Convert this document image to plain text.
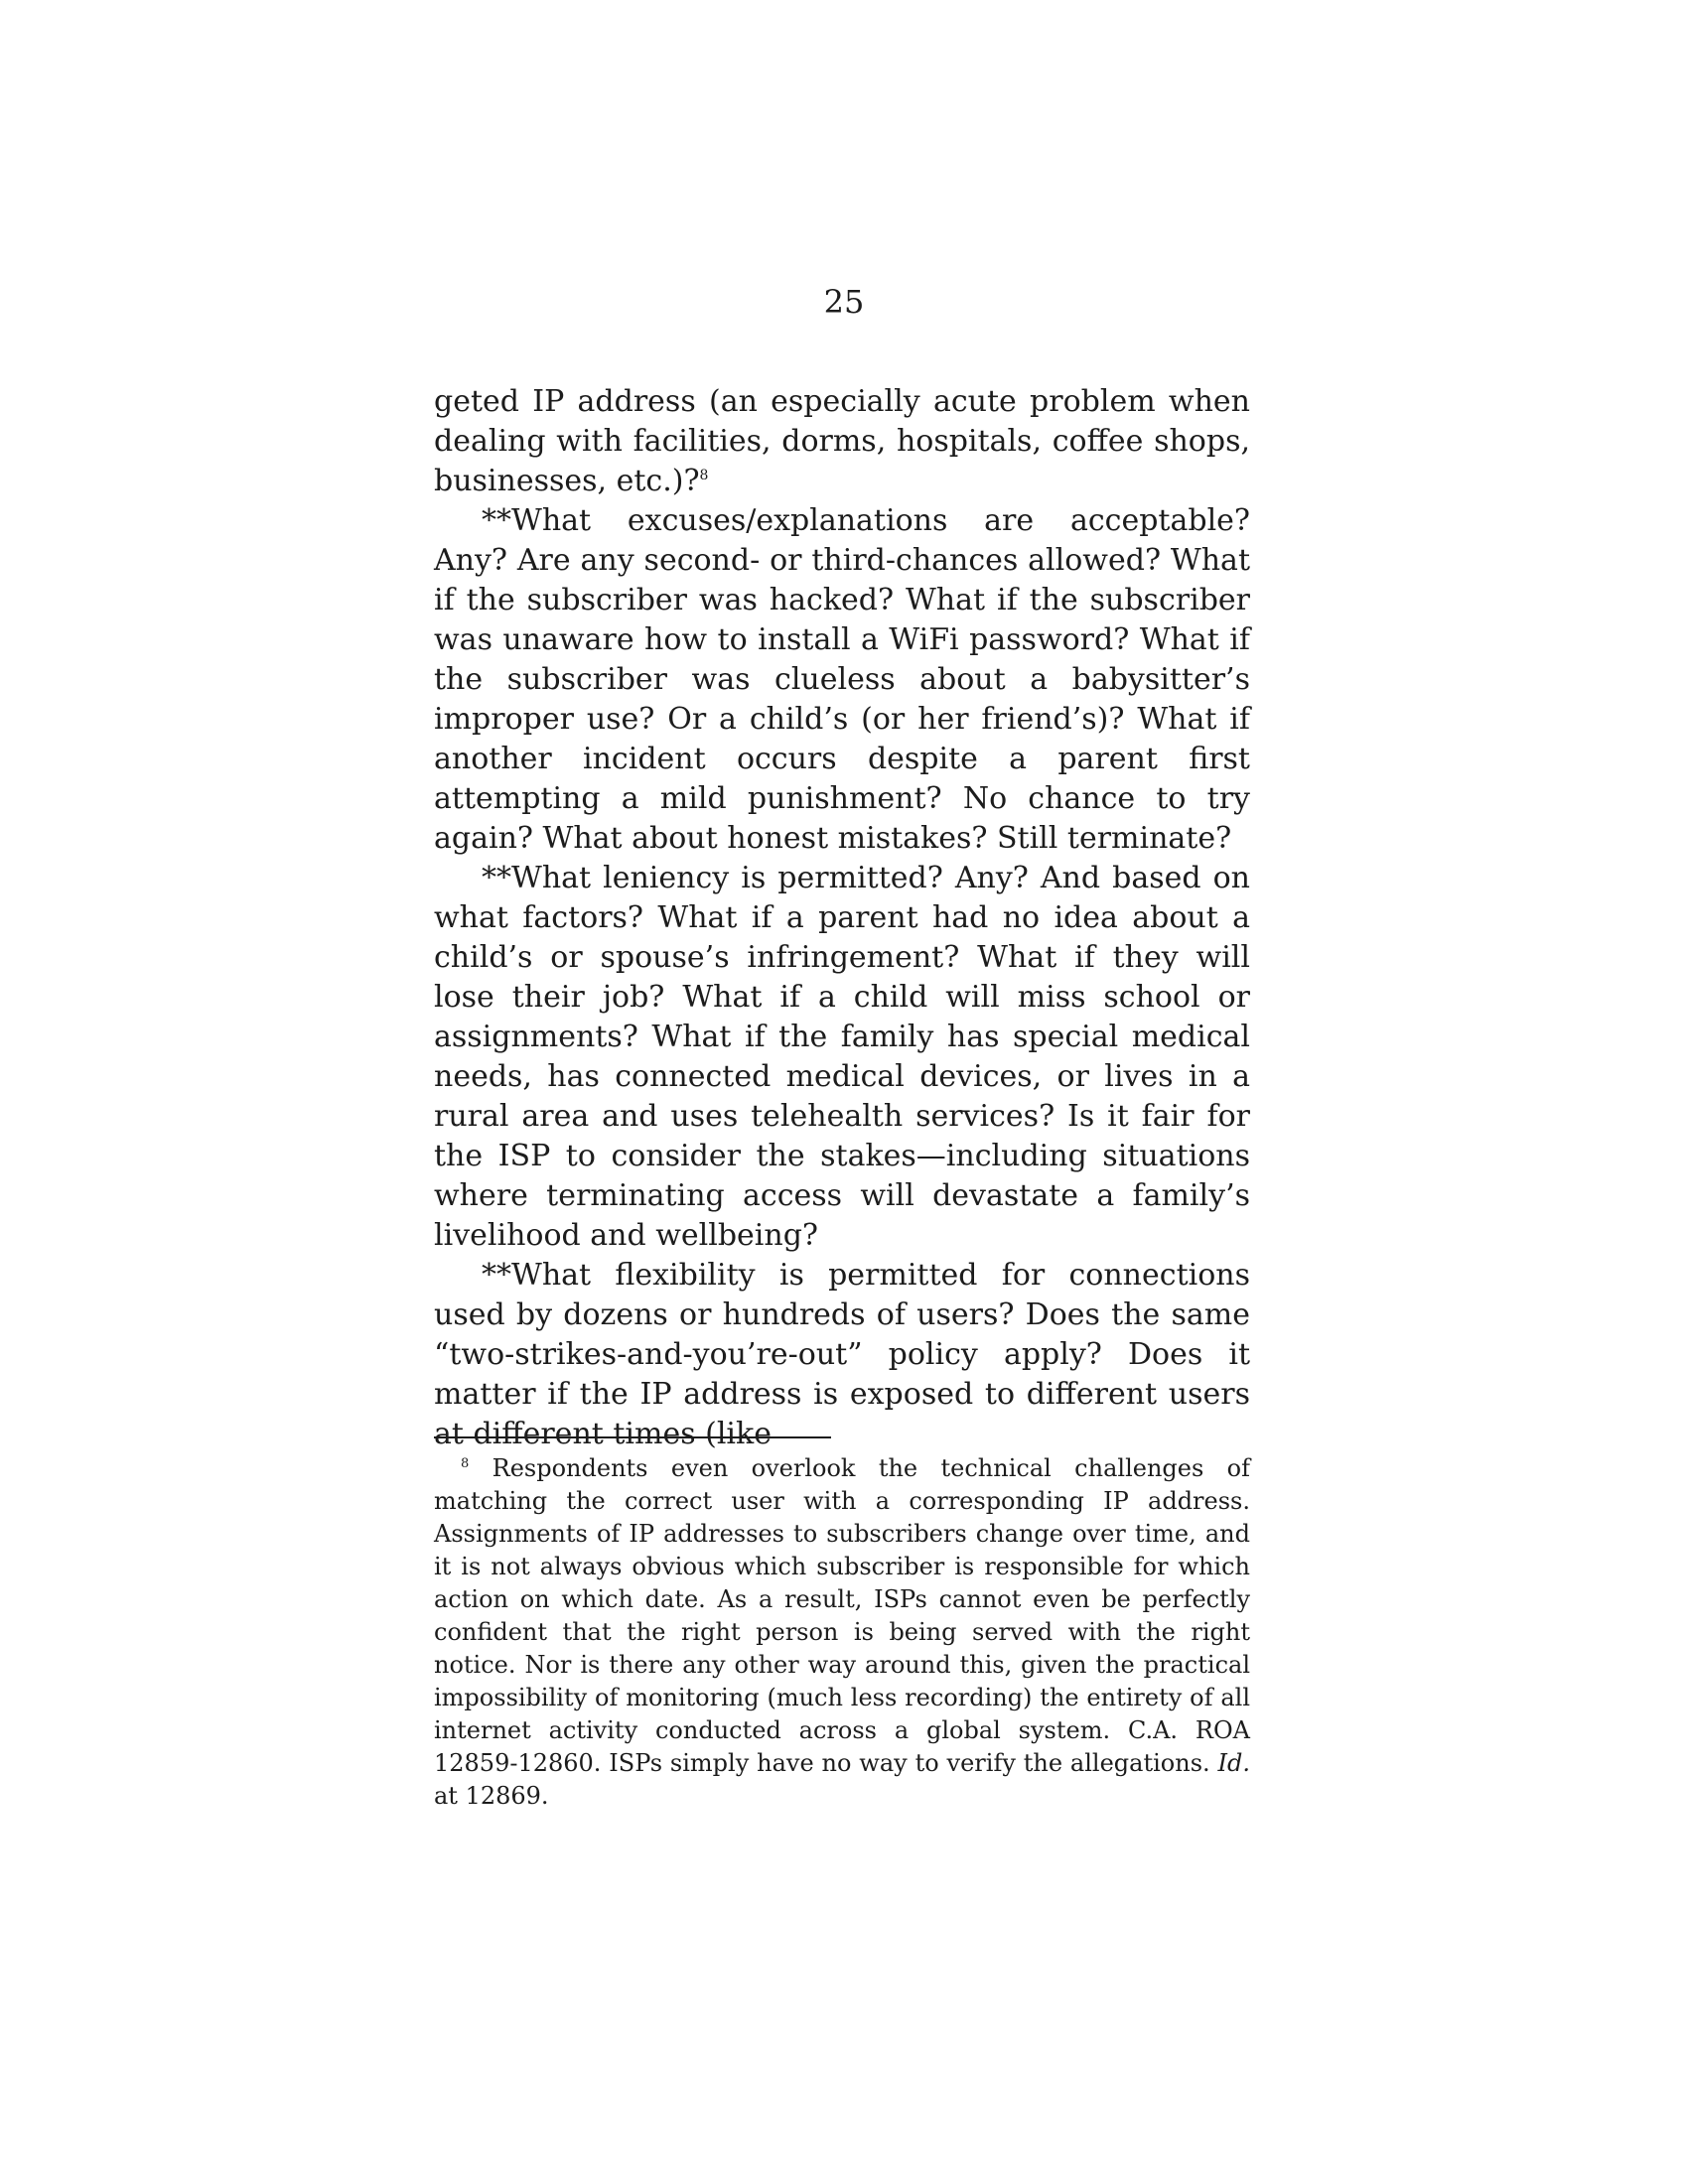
25

geted IP address (an especially acute problem when dealing with facilities, dorms, hospitals, coffee shops, businesses, etc.)?$^8$

**What excuses/explanations are acceptable? Any? Are any second- or third-chances allowed? What if the subscriber was hacked? What if the subscriber was unaware how to install a WiFi password? What if the subscriber was clueless about a babysitter’s improper use? Or a child’s (or her friend’s)? What if another incident occurs despite a parent first attempting a mild punishment? No chance to try again? What about honest mistakes? Still terminate?

**What leniency is permitted? Any? And based on what factors? What if a parent had no idea about a child’s or spouse’s infringement? What if they will lose their job? What if a child will miss school or assignments? What if the family has special medical needs, has connected medical devices, or lives in a rural area and uses telehealth services? Is it fair for the ISP to consider the stakes—including situations where terminating access will devastate a family’s livelihood and wellbeing?

**What flexibility is permitted for connections used by dozens or hundreds of users? Does the same “two-strikes-and-you’re-out” policy apply? Does it matter if the IP address is exposed to different users at different times (like

$^8$ Respondents even overlook the technical challenges of matching the correct user with a corresponding IP address. Assignments of IP addresses to subscribers change over time, and it is not always obvious which subscriber is responsible for which action on which date. As a result, ISPs cannot even be perfectly confident that the right person is being served with the right notice. Nor is there any other way around this, given the practical impossibility of monitoring (much less recording) the entirety of all internet activity conducted across a global system. C.A. ROA 12859-12860. ISPs simply have no way to verify the allegations. Id. at 12869.
